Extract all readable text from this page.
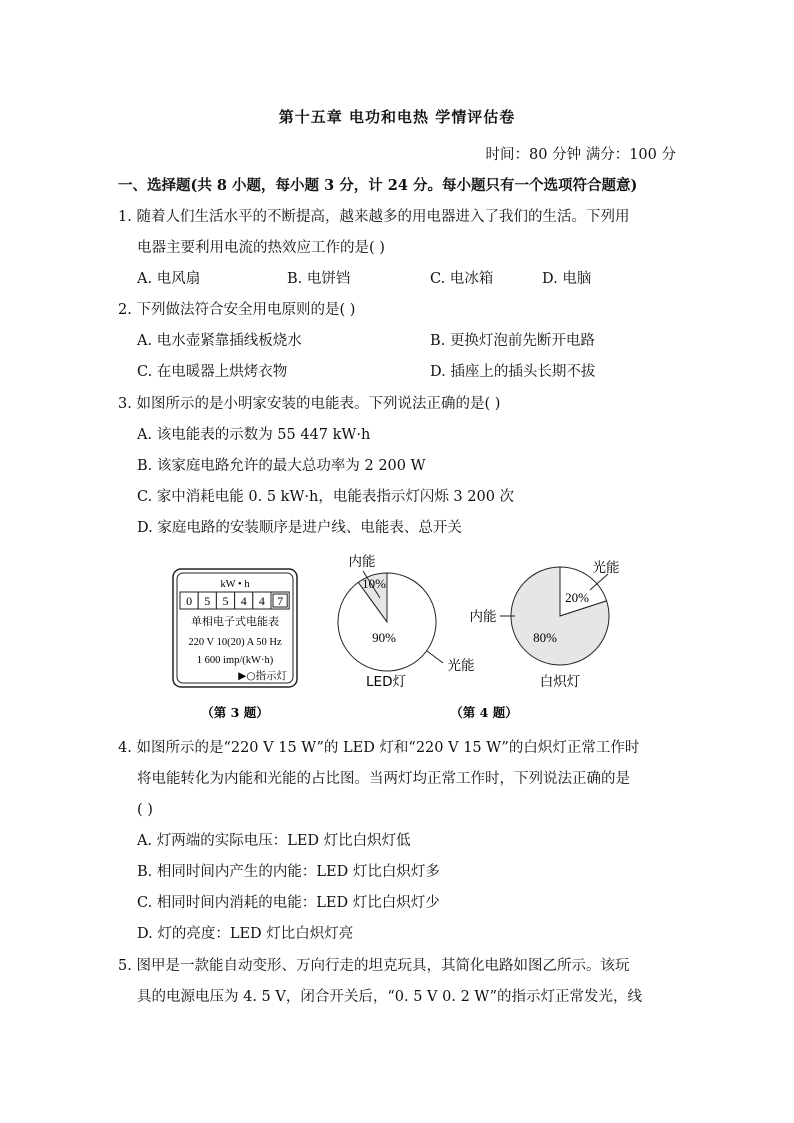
第十五章 电功和电热 学情评估卷
时间：80 分钟 满分：100 分
一、选择题(共 8 小题，每小题 3 分，计 24 分。每小题只有一个选项符合题意)
1. 随着人们生活水平的不断提高，越来越多的用电器进入了我们的生活。下列用
电器主要利用电流的热效应工作的是( )
A. 电风扇	B. 电饼铛	C. 电冰箱	D. 电脑
2. 下列做法符合安全用电原则的是( )
A. 电水壶紧靠插线板烧水	B. 更换灯泡前先断开电路
C. 在电暖器上烘烤衣物	D. 插座上的插头长期不拔
3. 如图所示的是小明家安装的电能表。下列说法正确的是( )
A. 该电能表的示数为 55 447 kW·h
B. 该家庭电路允许的最大总功率为 2 200 W
C. 家中消耗电能 0. 5 kW·h，电能表指示灯闪烁 3 200 次
D. 家庭电路的安装顺序是进户线、电能表、总开关
kW • h
0 5 5 4 4 7
单相电子式电能表
220 V 10(20) A 50 Hz
1 600 imp/(kW·h)
▶○指示灯
内能
10%
90%
光能
LED灯
光能
20%
内能
80%
白炽灯
（第 3 题）	（第 4 题）
4. 如图所示的是“220 V 15 W”的 LED 灯和“220 V 15 W”的白炽灯正常工作时
将电能转化为内能和光能的占比图。当两灯均正常工作时，下列说法正确的是
( )
A. 灯两端的实际电压：LED 灯比白炽灯低
B. 相同时间内产生的内能：LED 灯比白炽灯多
C. 相同时间内消耗的电能：LED 灯比白炽灯少
D. 灯的亮度：LED 灯比白炽灯亮
5. 图甲是一款能自动变形、万向行走的坦克玩具，其简化电路如图乙所示。该玩
具的电源电压为 4. 5 V，闭合开关后，“0. 5 V 0. 2 W”的指示灯正常发光，线
